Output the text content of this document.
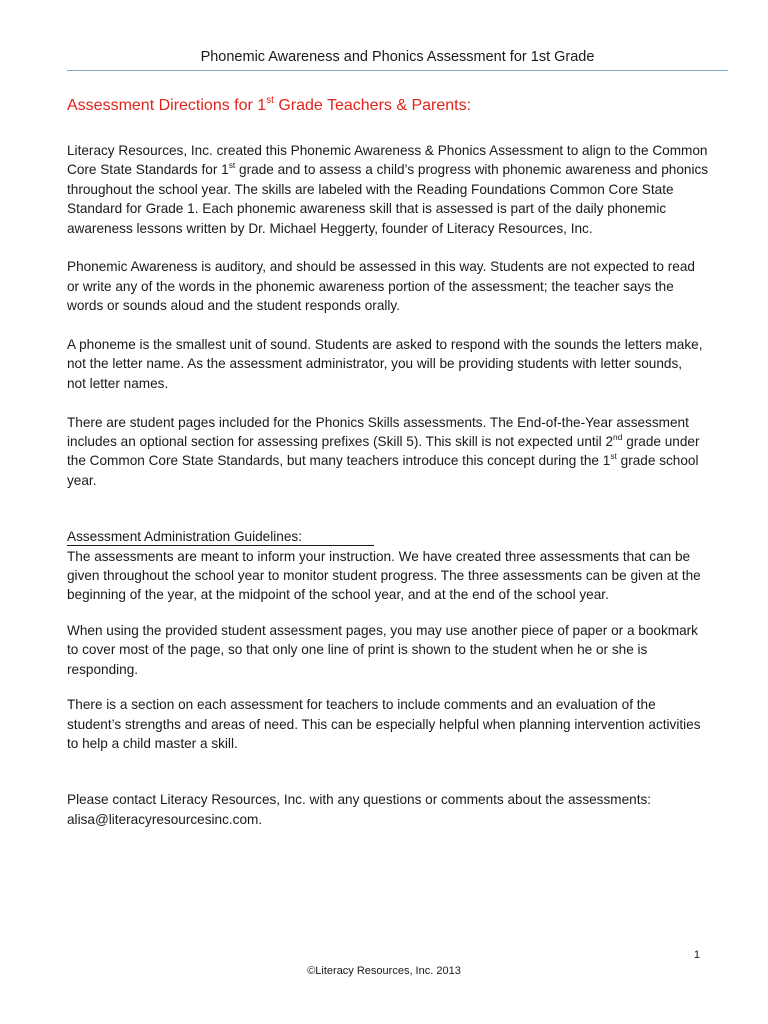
Phonemic Awareness and Phonics Assessment for 1st Grade
Assessment Directions for 1st Grade Teachers & Parents:

Literacy Resources, Inc. created this Phonemic Awareness & Phonics Assessment to align to the Common
Core State Standards for 1st grade and to assess a child’s progress with phonemic awareness and phonics
throughout the school year. The skills are labeled with the Reading Foundations Common Core State
Standard for Grade 1. Each phonemic awareness skill that is assessed is part of the daily phonemic
awareness lessons written by Dr. Michael Heggerty, founder of Literacy Resources, Inc.

Phonemic Awareness is auditory, and should be assessed in this way. Students are not expected to read
or write any of the words in the phonemic awareness portion of the assessment; the teacher says the
words or sounds aloud and the student responds orally.

A phoneme is the smallest unit of sound. Students are asked to respond with the sounds the letters make,
not the letter name. As the assessment administrator, you will be providing students with letter sounds,
not letter names.

There are student pages included for the Phonics Skills assessments. The End-of-the-Year assessment
includes an optional section for assessing prefixes (Skill 5). This skill is not expected until 2nd grade under
the Common Core State Standards, but many teachers introduce this concept during the 1st grade school
year.

Assessment Administration Guidelines:
The assessments are meant to inform your instruction. We have created three assessments that can be
given throughout the school year to monitor student progress. The three assessments can be given at the
beginning of the year, at the midpoint of the school year, and at the end of the school year.

When using the provided student assessment pages, you may use another piece of paper or a bookmark
to cover most of the page, so that only one line of print is shown to the student when he or she is
responding.

There is a section on each assessment for teachers to include comments and an evaluation of the
student’s strengths and areas of need. This can be especially helpful when planning intervention activities
to help a child master a skill.

Please contact Literacy Resources, Inc. with any questions or comments about the assessments:
alisa@literacyresourcesinc.com.

1
©Literacy Resources, Inc. 2013
